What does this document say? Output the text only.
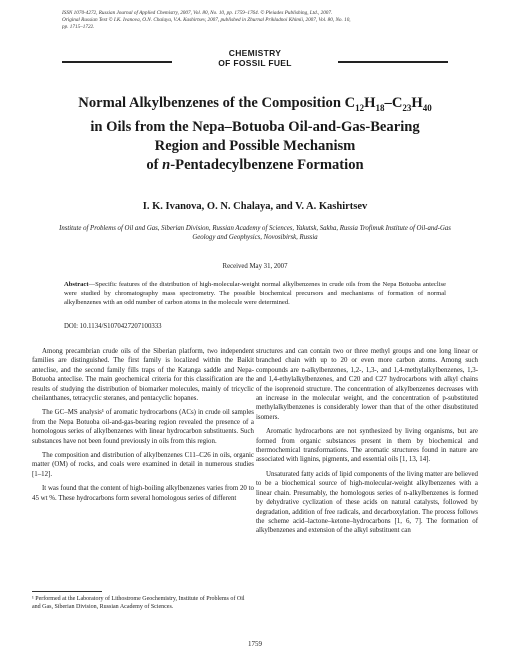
ISSN 1070-4272, Russian Journal of Applied Chemistry, 2007, Vol. 80, No. 10, pp. 1759–1764. © Pleiades Publishing, Ltd., 2007.
Original Russian Text © I.K. Ivanova, O.N. Chalaya, V.A. Kashirtsev, 2007, published in Zhurnal Prikladnoi Khimii, 2007, Vol. 80, No. 10,
pp. 1715–1722.
CHEMISTRY
OF FOSSIL FUEL
Normal Alkylbenzenes of the Composition $C_{12}H_{18}-C_{23}H_{40}$
in Oils from the Nepa–Botuoba Oil-and-Gas-Bearing
Region and Possible Mechanism
of n-Pentadecylbenzene Formation
I. K. Ivanova, O. N. Chalaya, and V. A. Kashirtsev
Institute of Problems of Oil and Gas, Siberian Division, Russian Academy of Sciences, Yakutsk, Sakha, Russia Trofimuk Institute of Oil-and-Gas Geology and Geophysics, Novosibirsk, Russia
Received May 31, 2007
Abstract—Specific features of the distribution of high-molecular-weight normal alkylbenzenes in crude oils from the Nepa Botuoba anteclise were studied by chromatography mass spectrometry. The possible biochemical precursors and mechanisms of formation of normal alkylbenzenes with an odd number of carbon atoms in the molecule were determined.
DOI: 10.1134/S1070427207100333

Among precambrian crude oils of the Siberian platform, two independent families are distinguished. The first family is localized within the Baikit anteclise, and the second family fills traps of the Katanga saddle and Nepa-Botuoba anteclise. The main geochemical criteria for this classification are the results of studying the distribution of biomarker molecules, mainly of tricyclic cheilanthanes, tetracyclic steranes, and pentacyclic hopanes.

The GC–MS analysis¹ of aromatic hydrocarbons (ACs) in crude oil samples from the Nepa Botuoba oil-and-gas-bearing region revealed the presence of a homologous series of alkylbenzenes with linear hydrocarbon substituents. Such substances have not been found previously in oils from this region.

The composition and distribution of alkylbenzenes C11–C26 in oils, organic matter (OM) of rocks, and coals were examined in detail in numerous studies [1–12].

It was found that the content of high-boiling alkylbenzenes varies from 20 to 45 wt %. These hydrocarbons form several homologous series of different

structures and can contain two or three methyl groups and one long linear or branched chain with up to 20 or even more carbon atoms. Among such compounds are n-alkylbenzenes, 1,2-, 1,3-, and 1,4-methylalkylbenzenes, 1,3- and 1,4-ethylalkylbenzenes, and C20 and C27 hydrocarbons with alkyl chains of the isoprenoid structure. The concentration of alkylbenzenes decreases with an increase in the molecular weight, and the concentration of p-substituted methylalkylbenzenes is considerably lower than that of the other disubstituted isomers.

Aromatic hydrocarbons are not synthesized by living organisms, but are formed from organic substances present in them by biochemical and thermochemical transformations. The aromatic structures found in nature are associated with lignins, pigments, and essential oils [1, 13, 14].

Unsaturated fatty acids of lipid components of the living matter are believed to be a biochemical source of high-molecular-weight alkylbenzenes with a linear chain. Presumably, the homologous series of n-alkylbenzenes is formed by dehydrative cyclization of these acids on natural catalysts, followed by degradation, addition of free radicals, and decarboxylation. The process follows the scheme acid–lactone–ketone–hydrocarbons [1, 6, 7]. The formation of alkylbenzenes and extension of the alkyl substituent can

¹ Performed at the Laboratory of Lithostrome Geochemistry, Institute of Problems of Oil and Gas, Siberian Division, Russian Academy of Sciences.
1759
